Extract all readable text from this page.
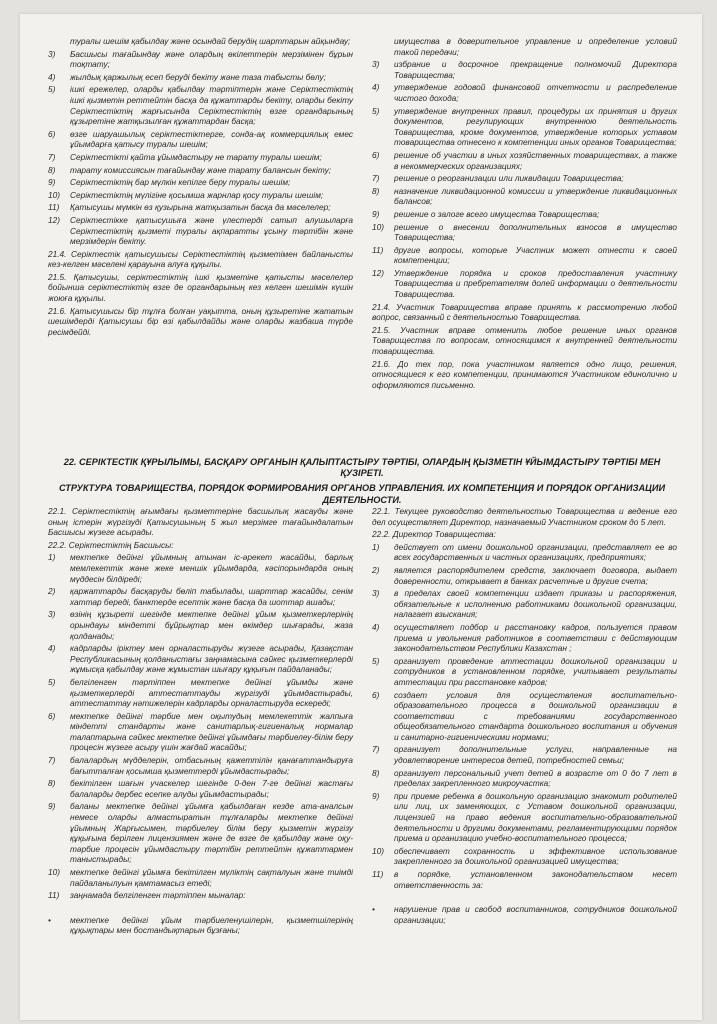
туралы шешім қабылдау және осындай берудің шарттарын айқындау;
3)	Басшысы тағайындау және олардың өкілеттерін мерзімінен бұрын тоқтату;
4)	жылдық қаржылық есеп беруді бекіту және таза табысты бөлу;
5)	ішкі ережелер, оларды қабылдау тәртіптерін және Серіктестіктің ішкі қызметін реттейтін басқа да құжаттарды бекіту, оларды бекіту Серіктестіктің жарғысында Серіктестіктің өзге органдарының құзыретіне жатқызылған құжаттардан басқа;
6)	өзге шаруашылық серіктестіктерге, сонда-ақ коммерциялық емес ұйымдарға қатысу туралы шешім;
7)	Серіктестікті қайта ұйымдастыру не тарату туралы шешім;
8)	тарату комиссиясын тағайындау және тарату балансын бекіту;
9)	Серіктестіктің бар мүлкін кепілге беру туралы шешім;
10)	Серіктестіктің мүлігіне қосымша жарнлар қосу туралы шешім;
11)	Қатысушы мүмкін өз қузырына жатқызатын басқа да мәселелер;
12)	Серіктестікке қатысушыға және үлестерді сатып алушыларға Серіктестіктің қызметі туралы ақпаратты ұсыну тәртібін және мерзімдерін бекіту.
21.4. Серіктестік қатысушысы Серіктестіктің қызметімен байланысты кез-келген мәселені қарауына алуға құқылы.
21.5. Қатысушы, серіктестіктің ішкі қызметіне қатысты мәселелер бойынша серіктестіктің өзге де органдарының кез келген шешімін күшін жоюға құқылы.
21.6. Қатысушысы бір тұлға болған уақытта, оның құзыретіне жататын шешімдерді Қатысушы бір өзі қабылдайды және оларды жазбаша түрде ресімдейді.
имущества в доверительное управление и определение условий такой передачи;
3)	избрание и досрочное прекращение полномочий Директора Товарищества;
4)	утверждение годовой финансовой отчетности и распределение чистого дохода;
5)	утверждение внутренних правил, процедуры их принятия и других документов, регулирующих внутреннюю деятельность Товарищества, кроме документов, утверждение которых уставом товарищества отнесено к компетенции иных органов Товарищества;
6)	решение об участии в иных хозяйственных товариществах, а также в некоммерческих организациях;
7)	решение о реорганизации или ликвидации Товарищества;
8)	назначение ликвидационной комиссии и утверждение ликвидационных балансов;
9)	решение о залоге всего имущества Товарищества;
10)	решение о внесении дополнительных взносов в имущество Товарищества;
11)	другие вопросы, которые Участник может отнести к своей компетенции;
12)	Утверждение порядка и сроков предоставления участнику Товарищества и пребретателям долей информации о деятельности Товарищества.
21.4. Участник Товарищества вправе принять к рассмотрению любой вопрос, связанный с деятельностью Товарищества.
21.5. Участник вправе отменить любое решение иных органов Товарищества по вопросам, относящимся к внутренней деятельности товарищества.
21.6. До тех пор, пока участником является одно лицо, решения, относящиеся к его компетенции, принимаются Участником единолично и оформляются письменно.
22. СЕРІКТЕСТІК ҚҰРЫЛЫМЫ, БАСҚАРУ ОРГАНЫН ҚАЛЫПТАСТЫРУ ТӘРТІБІ, ОЛАРДЫҢ ҚЫЗМЕТІН ҰЙЫМДАСТЫРУ ТӘРТІБІ МЕН ҚУЗІРЕТІ.
СТРУКТУРА ТОВАРИЩЕСТВА, ПОРЯДОК ФОРМИРОВАНИЯ ОРГАНОВ УПРАВЛЕНИЯ. ИХ КОМПЕТЕНЦИЯ И ПОРЯДОК ОРГАНИЗАЦИИ ДЕЯТЕЛЬНОСТИ.
22.1. Серіктестіктің ағымдағы қызметтеріне басшылық жасауды және оның істерін жүргізуді Қатысушының 5 жыл мерзімге тағайындалатын Басшысы жүзеге асырады.
22.2. Серіктестіктің Басшысы:
1)	мектепке дейінгі ұйымның атынан іс-әрекет жасайды, барлық мемлекеттік және жеке меншік ұйымдарда, кәсіпорындарда оның мүддесін білдіреді;
2)	қаржаттарды басқаруды бөліп табылады, шарттар жасайды, сенім хаттар береді, банктерде есептік және басқа да шоттар ашады;
3)	өзінің құзыреті шегінде мектепке дейінгі ұйым қызметкерлерінің орындауы міндетті бұйрықтар мен өкімдер шығарады, жаза қолданады;
4)	кадрларды іріктеу мен орналастыруды жүзеге асырады, Қазақстан Республикасының қолданыстағы заңнамасына сәйкес қызметкерлерді жұмысқа қабылдау және жұмыстан шығару құқығын пайдаланады;
5)	белгіленген тәртіппен мектепке дейінгі ұйымды және қызметкерлерді аттестаттауды жүргізуді ұйымдастырады, аттестаттау нәтижелерін кадрларды орналастыруда ескереді;
6)	мектепке дейінгі тәрбие мен оқытудың мемлекеттік жалпыға міндетті стандарты және санитарлық-гигиеналық нормалар талаптарына сәйкес мектепке дейінгі ұйымдағы тәрбиелеу-білім беру процесін жүзеге асыру үшін жағдай жасайды;
7)	балалардың мүдделерін, отбасының қажеттілін қанағаттандыруға бағытталған қосымша қызметтерді ұйымдастырады;
8)	бекітілген шағын учаскелер шегінде 0-ден 7-ге дейінгі жастағы балаларды дербес есепке алуды ұйымдастырады;
9)	баланы мектепке дейінгі ұйымға қабылдаған кезде ата-аналсын немесе оларды алмастыратын тұлғаларды мектепке дейінгі ұйымның Жарғысымен, тәрбиелеу білім беру қызметін жүргізу құқығына берілген лицензиямен және де өзге де қабылдау және оқу-тәрбие процесін ұйымдастыру тәртібін реттейтін құжаттармен таныстырады;
10)	мектепке дейінгі ұйымға бекітілген мүліктің сақталуын және тиімді пайдаланылуын қамтамасыз етеді;
11)	заңнамада белгіленген тәртіппен мыналар:
•	мектепке дейінгі ұйым тәрбиеленушілерін, қызметшілерінің құқықтары мен бостандықтарын бұзғаны;
22.1. Текущее руководство деятельностью Товарищества и ведение его дел осуществляет Директор, назначаемый Участником сроком до 5 лет.
22.2. Директор Товарищества:
1)	действует от имени дошкольной организации, представляет ее во всех государственных и частных организациях, предприятиях;
2)	является распорядителем средств, заключает договора, выдает доверенности, открывает в банках расчетные и другие счета;
3)	в пределах своей компетенции издает приказы и распоряжения, обязательные к исполнению работниками дошкольной организации, налагает взыскания;
4)	осуществляет подбор и расстановку кадров, пользуется правом приема и увольнения работников в соответствии с действующим законодательством Республики Казахстан ;
5)	организует проведение аттестации дошкольной организации и сотрудников в установленном порядке, учитывает результаты аттестации при расстановке кадров;
6)	создает условия для осуществления воспитательно-образовательного процесса в дошкольной организации в соответствии с требованиями государственного общеобязательного стандарта дошкольного воспитания и обучения и санитарно-гигиеническими нормами;
7)	организует дополнительные услуги, направленные на удовлетворение интересов детей, потребностей семьи;
8)	организует персональный учет детей в возрасте от 0 до 7 лет в пределах закрепленного микроучастка;
9)	при приеме ребенка в дошкольную организацию знакомит родителей или лиц, их заменяющих, с Уставом дошкольной организации, лицензией на право ведения воспитательно-образовательной деятельности и другими документами, регламентирующими порядок приема и организацию учебно-воспитательного процесса;
10)	обеспечивает сохранность и эффективное использование закрепленного за дошкольной организацией имущества;
11)	в порядке, установленном законодательством несет ответственность за:
•	нарушение прав и свобод воспитанников, сотрудников дошкольной организации;
